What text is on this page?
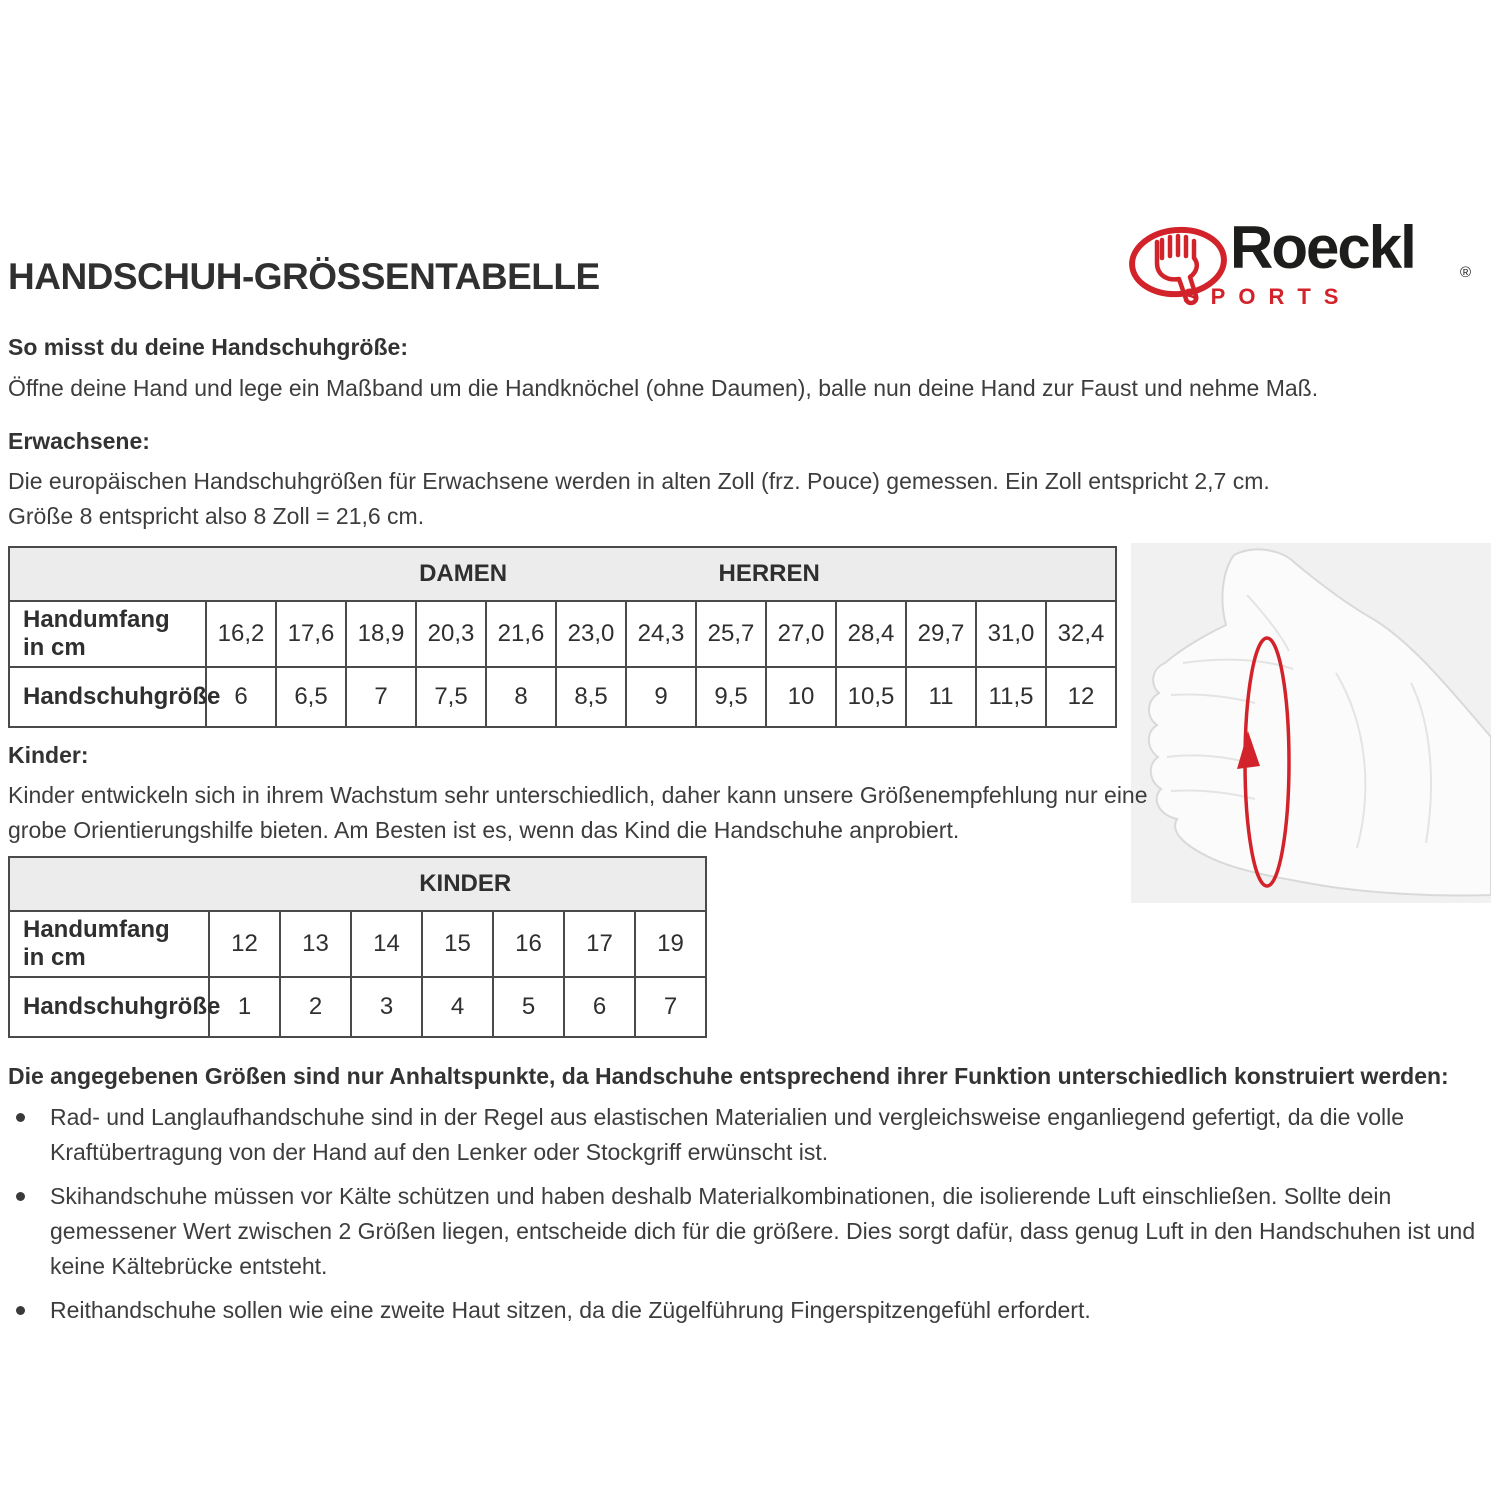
Roeckl	®
SPORTS
HANDSCHUH-GRÖSSENTABELLE
So misst du deine Handschuhgröße:
Öffne deine Hand und lege ein Maßband um die Handknöchel (ohne Daumen), balle nun deine Hand zur Faust und nehme Maß.
Erwachsene:
Die europäischen Handschuhgrößen für Erwachsene werden in alten Zoll (frz. Pouce) gemessen. Ein Zoll entspricht 2,7 cm.
Größe 8 entspricht also 8 Zoll = 21,6 cm.
DAMEN HERREN													

Handumfang
in cm	16,2	17,6	18,9	20,3	21,6	23,0	24,3	25,7	27,0	28,4	29,7	31,0	32,4
Handschuhgröße	6	6,5	7	7,5	8	8,5	9	9,5	10	10,5	11	11,5	12
Kinder:
Kinder entwickeln sich in ihrem Wachstum sehr unterschiedlich, daher kann unsere Größenempfehlung nur eine grobe Orientierungshilfe bieten. Am Besten ist es, wenn das Kind die Handschuhe anprobiert.
KINDER							

Handumfang
in cm	12	13	14	15	16	17	19
Handschuhgröße	1	2	3	4	5	6	7
Die angegebenen Größen sind nur Anhaltspunkte, da Handschuhe entsprechend ihrer Funktion unterschiedlich konstruiert werden:
Rad- und Langlaufhandschuhe sind in der Regel aus elastischen Materialien und vergleichsweise enganliegend gefertigt, da die volle Kraftübertragung von der Hand auf den Lenker oder Stockgriff erwünscht ist.
Skihandschuhe müssen vor Kälte schützen und haben deshalb Materialkombinationen, die isolierende Luft einschließen. Sollte dein gemessener Wert zwischen 2 Größen liegen, entscheide dich für die größere. Dies sorgt dafür, dass genug Luft in den Handschuhen ist und keine Kältebrücke entsteht.
Reithandschuhe sollen wie eine zweite Haut sitzen, da die Zügelführung Fingerspitzengefühl erfordert.
